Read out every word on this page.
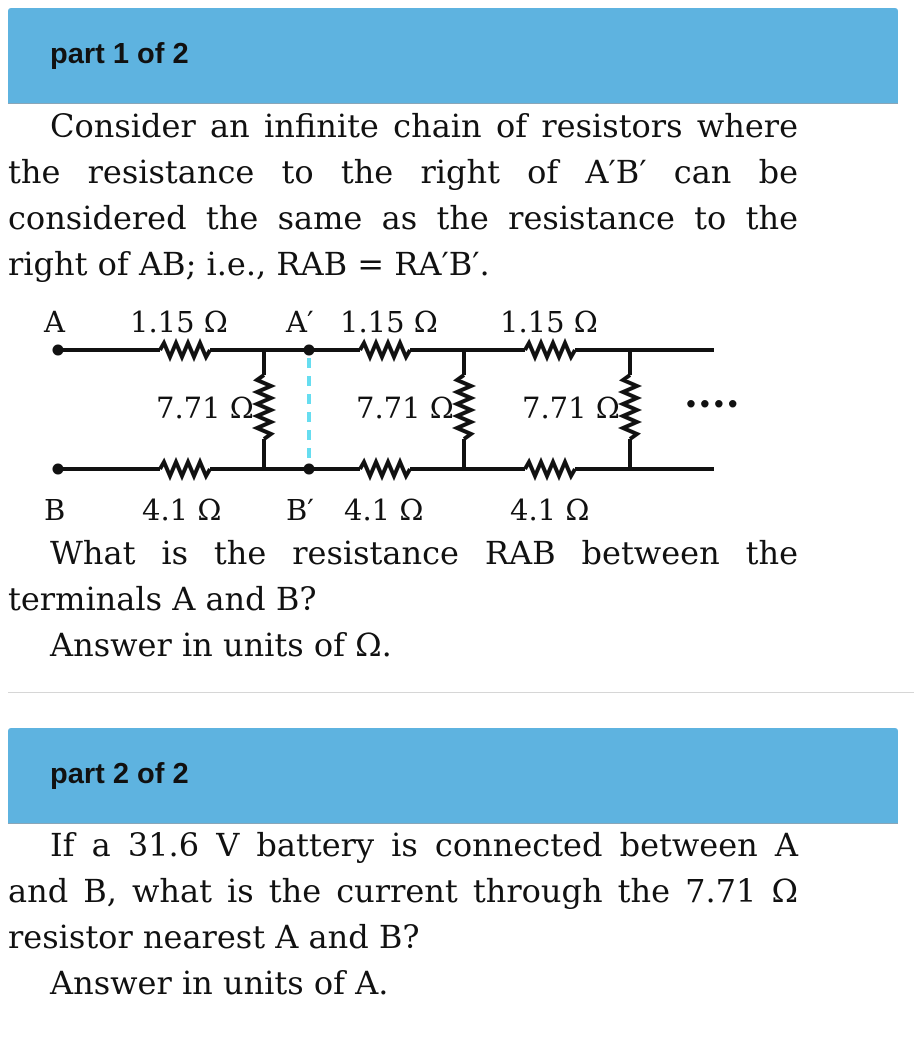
part 1 of 2

Consider an infinite chain of resistors where the resistance to the right of A′B′ can be considered the same as the resistance to the right of AB; i.e., RAB = RA′B′.

A 1.15 Ω A′ 1.15 Ω 1.15 Ω
7.71 Ω	7.71 Ω 7.71 Ω ····
B	4.1 Ω B′ 4.1 Ω	4.1 Ω

What is the resistance RAB between the terminals A and B?

Answer in units of Ω.

part 2 of 2

If a 31.6 V battery is connected between A and B, what is the current through the 7.71 Ω resistor nearest A and B?

Answer in units of A.
